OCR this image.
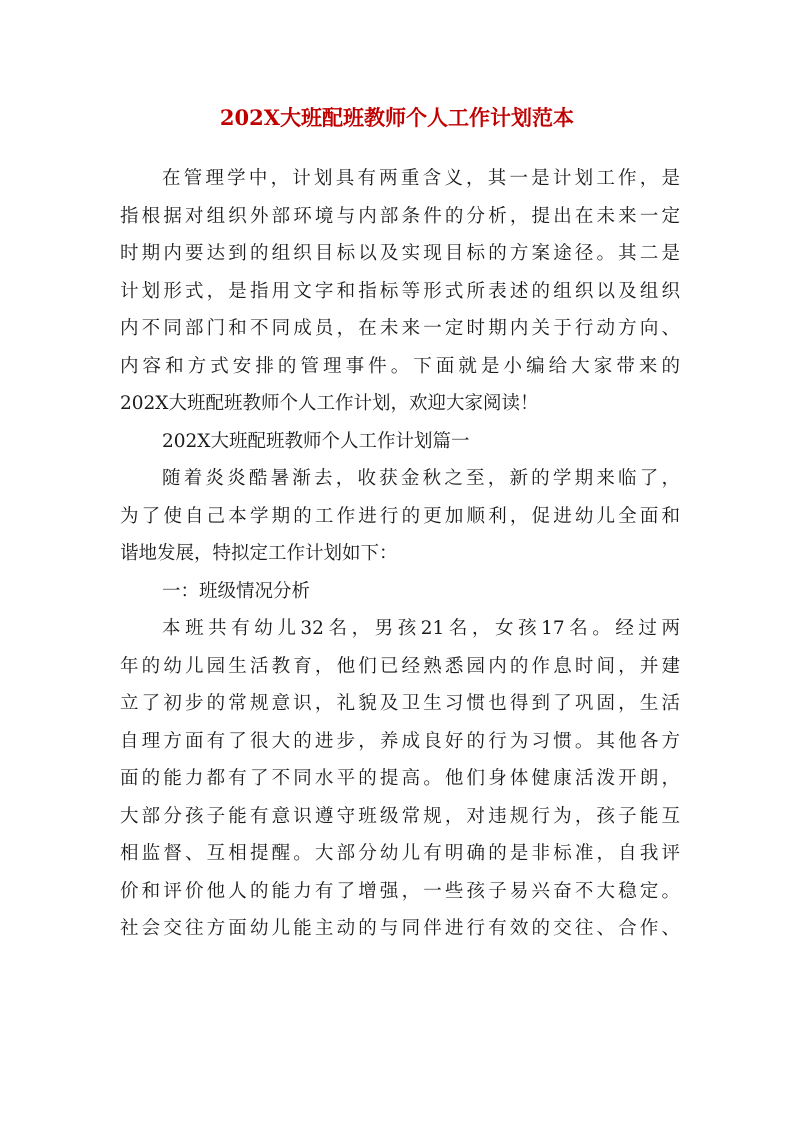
202X大班配班教师个人工作计划范本
在管理学中，计划具有两重含义，其一是计划工作，是
指根据对组织外部环境与内部条件的分析，提出在未来一定
时期内要达到的组织目标以及实现目标的方案途径。其二是
计划形式，是指用文字和指标等形式所表述的组织以及组织
内不同部门和不同成员，在未来一定时期内关于行动方向、
内容和方式安排的管理事件。下面就是小编给大家带来的
202X大班配班教师个人工作计划，欢迎大家阅读！
202X大班配班教师个人工作计划篇一
随着炎炎酷暑渐去，收获金秋之至，新的学期来临了，
为了使自己本学期的工作进行的更加顺利，促进幼儿全面和
谐地发展，特拟定工作计划如下：
一：班级情况分析
本班共有幼儿32名，男孩21名，女孩17名。经过两
年的幼儿园生活教育，他们已经熟悉园内的作息时间，并建
立了初步的常规意识，礼貌及卫生习惯也得到了巩固，生活
自理方面有了很大的进步，养成良好的行为习惯。其他各方
面的能力都有了不同水平的提高。他们身体健康活泼开朗，
大部分孩子能有意识遵守班级常规，对违规行为，孩子能互
相监督、互相提醒。大部分幼儿有明确的是非标准，自我评
价和评价他人的能力有了增强，一些孩子易兴奋不大稳定。
社会交往方面幼儿能主动的与同伴进行有效的交往、合作、
